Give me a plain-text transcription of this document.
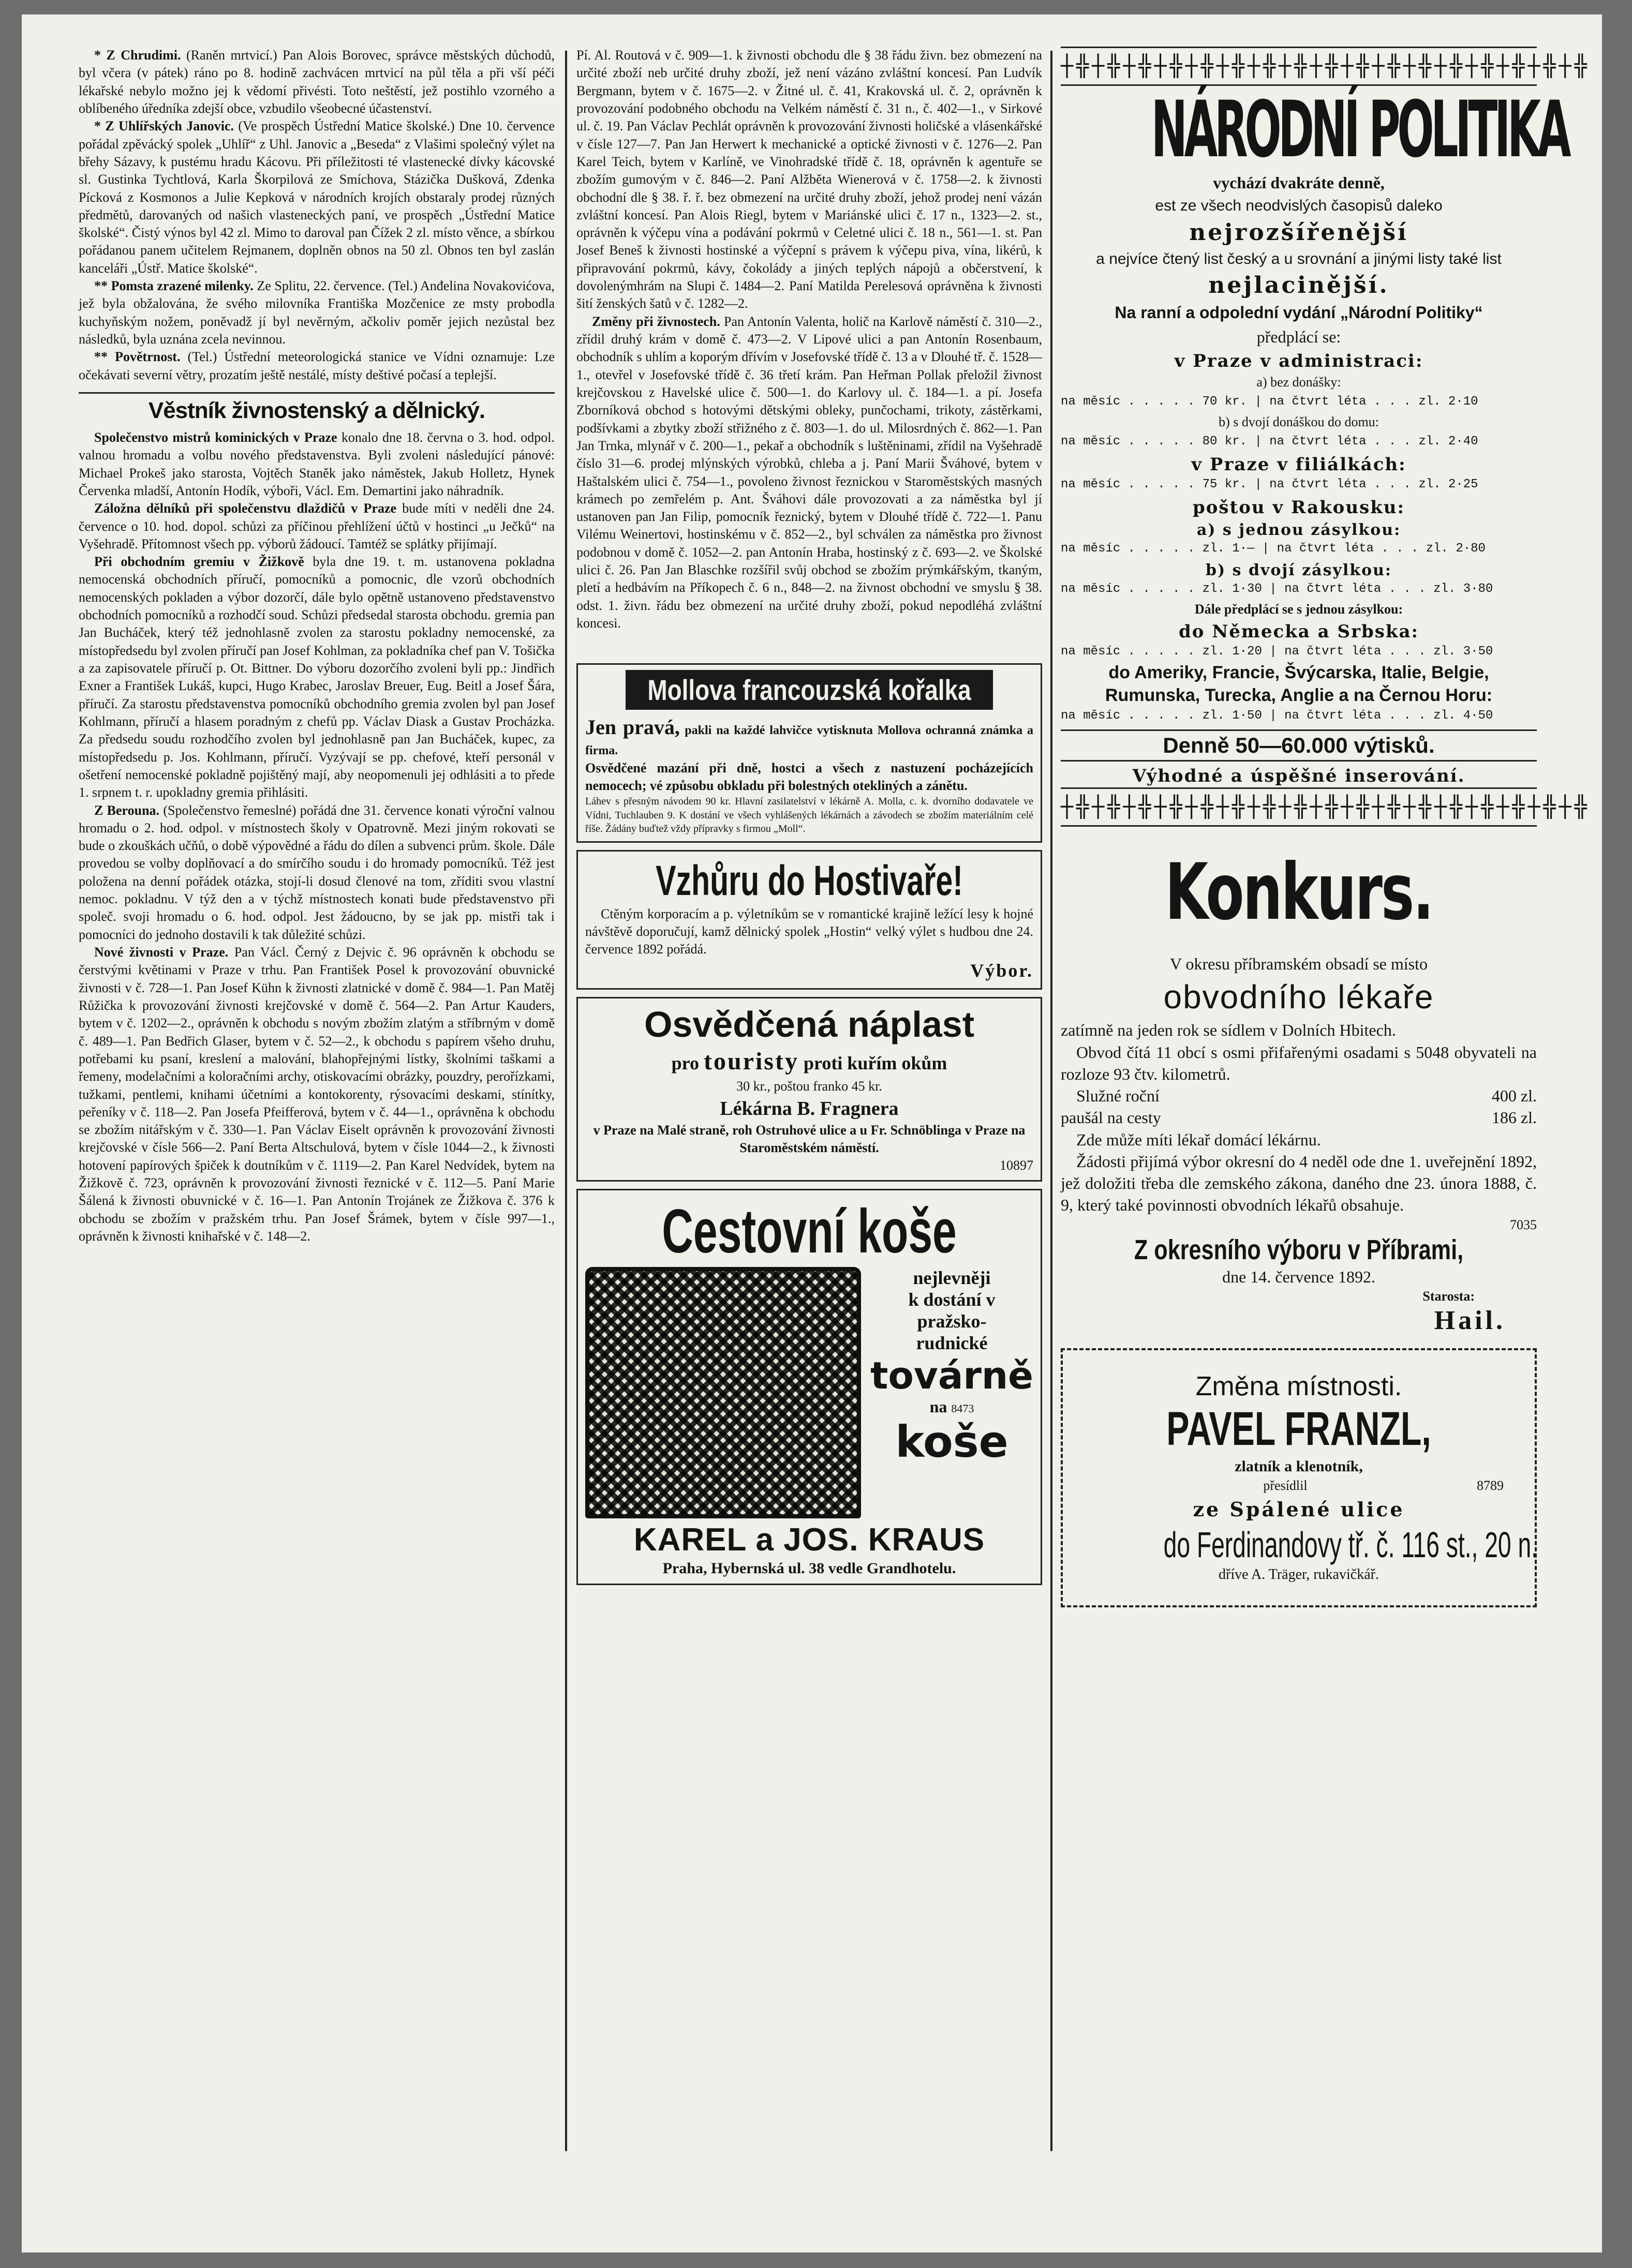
* Z Chrudimi. (Raněn mrtvicí.) Pan Alois Borovec, správce městských důchodů, byl včera (v pátek) ráno po 8. hodině zachvácen mrtvicí na půl těla a při vší péči lékařské nebylo možno jej k vědomí přivésti. Toto neštěstí, jež postihlo vzorného a oblíbeného úředníka zdejší obce, vzbudilo všeobecné účastenství.

* Z Uhlířských Janovic. (Ve prospěch Ústřední Matice školské.) Dne 10. července pořádal zpěvácký spolek „Uhlíř“ z Uhl. Janovic a „Beseda“ z Vlašimi společný výlet na břehy Sázavy, k pustému hradu Kácovu. Při příležitosti té vlastenecké dívky kácovské sl. Gustinka Tychtlová, Karla Škorpilová ze Smíchova, Stázička Dušková, Zdenka Pícková z Kosmonos a Julie Kepková v národních krojích obstaraly prodej různých předmětů, darovaných od našich vlasteneckých paní, ve prospěch „Ústřední Matice školské“. Čistý výnos byl 42 zl. Mimo to daroval pan Čížek 2 zl. místo věnce, a sbírkou pořádanou panem učitelem Rejmanem, doplněn obnos na 50 zl. Obnos ten byl zaslán kanceláři „Ústř. Matice školské“.

** Pomsta zrazené milenky. Ze Splitu, 22. července. (Tel.) Anđelina Novakovićova, jež byla obžalována, že svého milovníka Františka Mozčenice ze msty probodla kuchyňským nožem, poněvadž jí byl nevěrným, ačkoliv poměr jejich nezůstal bez následků, byla uznána zcela nevinnou.

** Povětrnost. (Tel.) Ústřední meteorologická stanice ve Vídni oznamuje: Lze očekávati severní větry, prozatím ještě nestálé, místy deštivé počasí a teplejší.

Věstník živnostenský a dělnický.

Společenstvo mistrů kominických v Praze konalo dne 18. června o 3. hod. odpol. valnou hromadu a volbu nového představenstva. Byli zvoleni následující pánové: Michael Prokeš jako starosta, Vojtěch Staněk jako náměstek, Jakub Holletz, Hynek Červenka mladší, Antonín Hodík, výboři, Václ. Em. Demartini jako náhradník.

Záložna dělníků při společenstvu dlaždičů v Praze bude míti v neděli dne 24. července o 10. hod. dopol. schůzi za příčinou přehlížení účtů v hostinci „u Ječků“ na Vyšehradě. Přítomnost všech pp. výborů žádoucí. Tamtéž se splátky přijímají.

Při obchodním gremiu v Žižkově byla dne 19. t. m. ustanovena pokladna nemocenská obchodních příručí, pomocníků a pomocnic, dle vzorů obchodních nemocenských pokladen a výbor dozorčí, dále bylo opětně ustanoveno představenstvo obchodních pomocníků a rozhodčí soud. Schůzi předsedal starosta obchodu. gremia pan Jan Bucháček, který též jednohlasně zvolen za starostu pokladny nemocenské, za místopředsedu byl zvolen příručí pan Josef Kohlman, za pokladníka chef pan V. Tošička a za zapisovatele příručí p. Ot. Bittner. Do výboru dozorčího zvoleni byli pp.: Jindřich Exner a František Lukáš, kupci, Hugo Krabec, Jaroslav Breuer, Eug. Beitl a Josef Šára, příručí. Za starostu představenstva pomocníků obchodního gremia zvolen byl pan Josef Kohlmann, příručí a hlasem poradným z chefů pp. Václav Diask a Gustav Procházka. Za předsedu soudu rozhodčího zvolen byl jednohlasně pan Jan Bucháček, kupec, za místopředsedu p. Jos. Kohlmann, příručí. Vyzývají se pp. chefové, kteří personál v ošetření nemocenské pokladně pojištěný mají, aby neopomenuli jej odhlásiti a to přede 1. srpnem t. r. upokladny gremia přihlásiti.

Z Berouna. (Společenstvo řemeslné) pořádá dne 31. července konati výroční valnou hromadu o 2. hod. odpol. v místnostech školy v Opatrovně. Mezi jiným rokovati se bude o zkouškách učňů, o době výpovědné a řádu do dílen a subvenci prům. škole. Dále provedou se volby doplňovací a do smírčího soudu i do hromady pomocníků. Též jest položena na denní pořádek otázka, stojí-li dosud členové na tom, zříditi svou vlastní nemoc. pokladnu. V týž den a v týchž místnostech konati bude představenstvo při společ. svoji hromadu o 6. hod. odpol. Jest žádoucno, by se jak pp. mistři tak i pomocníci do jednoho dostavili k tak důležité schůzi.

Nové živnosti v Praze. Pan Václ. Černý z Dejvic č. 96 oprávněn k obchodu se čerstvými květinami v Praze v trhu. Pan František Posel k provozování obuvnické živnosti v č. 728—1. Pan Josef Kühn k živnosti zlatnické v domě č. 984—1. Pan Matěj Růžička k provozování živnosti krejčovské v domě č. 564—2. Pan Artur Kauders, bytem v č. 1202—2., oprávněn k obchodu s novým zbožím zlatým a stříbrným v domě č. 489—1. Pan Bedřich Glaser, bytem v č. 52—2., k obchodu s papírem všeho druhu, potřebami ku psaní, kreslení a malování, blahopřejnými lístky, školními taškami a řemeny, modelačními a koloračními archy, otiskovacími obrázky, pouzdry, perořízkami, tužkami, pentlemi, knihami účetními a kontokorenty, rýsovacími deskami, stínítky, peřeníky v č. 118—2. Pan Josefa Pfeifferová, bytem v č. 44—1., oprávněna k obchodu se zbožím nitářským v č. 330—1. Pan Václav Eiselt oprávněn k provozování živnosti krejčovské v čísle 566—2. Paní Berta Altschulová, bytem v čísle 1044—2., k živnosti hotovení papírových špiček k doutníkům v č. 1119—2. Pan Karel Nedvídek, bytem na Žižkově č. 723, oprávněn k provozování živnosti řeznické v č. 112—5. Paní Marie Šálená k živnosti obuvnické v č. 16—1. Pan Antonín Trojánek ze Žižkova č. 376 k obchodu se zbožím v pražském trhu. Pan Josef Šrámek, bytem v čísle 997—1., oprávněn k živnosti knihařské v č. 148—2.

Pí. Al. Routová v č. 909—1. k živnosti obchodu dle § 38 řádu živn. bez obmezení na určité zboží neb určité druhy zboží, jež není vázáno zvláštní koncesí. Pan Ludvík Bergmann, bytem v č. 1675—2. v Žitné ul. č. 41, Krakovská ul. č. 2, oprávněn k provozování podobného obchodu na Velkém náměstí č. 31 n., č. 402—1., v Sirkové ul. č. 19. Pan Václav Pechlát oprávněn k provozování živnosti holičské a vlásenkářské v čísle 127—7. Pan Jan Herwert k mechanické a optické živnosti v č. 1276—2. Pan Karel Teich, bytem v Karlíně, ve Vinohradské třídě č. 18, oprávněn k agentuře se zbožím gumovým v č. 846—2. Paní Alžběta Wienerová v č. 1758—2. k živnosti obchodní dle § 38. ř. ř. bez obmezení na určité druhy zboží, jehož prodej není vázán zvláštní koncesí. Pan Alois Riegl, bytem v Mariánské ulici č. 17 n., 1323—2. st., oprávněn k výčepu vína a podávání pokrmů v Celetné ulici č. 18 n., 561—1. st. Pan Josef Beneš k živnosti hostinské a výčepní s právem k výčepu piva, vína, likérů, k připravování pokrmů, kávy, čokolády a jiných teplých nápojů a občerstvení, k dovolenýmhrám na Slupi č. 1484—2. Paní Matilda Perelesová oprávněna k živnosti šití ženských šatů v č. 1282—2.

Změny při živnostech. Pan Antonín Valenta, holič na Karlově náměstí č. 310—2., zřídil druhý krám v domě č. 473—2. V Lipové ulici a pan Antonín Rosenbaum, obchodník s uhlím a koporým dřívím v Josefovské třídě č. 13 a v Dlouhé tř. č. 1528—1., otevřel v Josefovské třídě č. 36 třetí krám. Pan Heřman Pollak přeložil živnost krejčovskou z Havelské ulice č. 500—1. do Karlovy ul. č. 184—1. a pí. Josefa Zborníková obchod s hotovými dětskými obleky, punčochami, trikoty, zástěrkami, podšívkami a zbytky zboží střižného z č. 803—1. do ul. Milosrdných č. 862—1. Pan Jan Trnka, mlynář v č. 200—1., pekař a obchodník s luštěninami, zřídil na Vyšehradě číslo 31—6. prodej mlýnských výrobků, chleba a j. Paní Marii Šváhové, bytem v Haštalském ulici č. 754—1., povoleno živnost řeznickou v Staroměstských masných krámech po zemřelém p. Ant. Šváhovi dále provozovati a za náměstka byl jí ustanoven pan Jan Filip, pomocník řeznický, bytem v Dlouhé třídě č. 722—1. Panu Vilému Weinertovi, hostinskému v č. 852—2., byl schválen za náměstka pro živnost podobnou v domě č. 1052—2. pan Antonín Hraba, hostinský z č. 693—2. ve Školské ulici č. 26. Pan Jan Blaschke rozšířil svůj obchod se zbožím prýmkářským, tkaným, pletí a hedbávím na Příkopech č. 6 n., 848—2. na živnost obchodní ve smyslu § 38. odst. 1. živn. řádu bez obmezení na určité druhy zboží, pokud nepodléhá zvláštní koncesi.

Mollova francouzská kořalka

Jen pravá, pakli na každé lahvičce vytisknuta Mollova ochranná známka a firma.

Osvědčené mazání při dně, hostci a všech z nastuzení pocházejících nemocech; vé způsobu obkladu při bolestných otekliných a zánětu.

Láhev s přesným návodem 90 kr. Hlavní zasilatelství v lékárně A. Molla, c. k. dvorního dodavatele ve Vídni, Tuchlauben 9. K dostání ve všech vyhlášených lékárnách a závodech se zbožím materiálním celé říše. Žádány buďtež vždy přípravky s firmou „Moll“.

Vzhůru do Hostivaře!

Ctěným korporacím a p. výletníkům se v romantické krajině ležící lesy k hojné návštěvě doporučují, kamž dělnický spolek „Hostin“ velký výlet s hudbou dne 24. července 1892 pořádá.

Výbor.

Osvědčená náplast

pro touristy proti kuřím okům

30 kr., poštou franko 45 kr.

Lékárna B. Fragnera

v Praze na Malé straně, roh Ostruhové ulice a u Fr. Schnöblinga v Praze na Staroměstském náměstí.

10897

Cestovní koše
nejlevněji
k dostání v
pražsko-
rudnické
továrně
na 8473
koše
KAREL a JOS. KRAUS

Praha, Hybernská ul. 38 vedle Grandhotelu.

┼╬┼╬┼╬┼╬┼╬┼╬┼╬┼╬┼╬┼╬┼╬┼╬┼╬┼╬┼╬┼╬┼╬
NÁRODNÍ POLITIKA

vychází dvakráte denně,

est ze všech neodvislých časopisů daleko

nejrozšířenější

a nejvíce čtený list český a u srovnání a jinými listy také list

nejlacinější.

Na ranní a odpolední vydání „Národní Politiky“

předplácí se:

v Praze v administraci:

a) bez donášky:

na měsíc . . . . . 70 kr. | na čtvrt léta . . . zl. 2·10

b) s dvojí donáškou do domu:

na měsíc . . . . . 80 kr. | na čtvrt léta . . . zl. 2·40

v Praze v filiálkách:

na měsíc . . . . . 75 kr. | na čtvrt léta . . . zl. 2·25

poštou v Rakousku:
a) s jednou zásylkou:

na měsíc . . . . . zl. 1·— | na čtvrt léta . . . zl. 2·80

b) s dvojí zásylkou:

na měsíc . . . . . zl. 1·30 | na čtvrt léta . . . zl. 3·80

Dále předplácí se s jednou zásylkou:

do Německa a Srbska:

na měsíc . . . . . zl. 1·20 | na čtvrt léta . . . zl. 3·50

do Ameriky, Francie, Švýcarska, Italie, Belgie, Rumunska, Turecka, Anglie a na Černou Horu:

na měsíc . . . . . zl. 1·50 | na čtvrt léta . . . zl. 4·50

Denně 50—60.000 výtisků.
Výhodné a úspěšné inserování.
┼╬┼╬┼╬┼╬┼╬┼╬┼╬┼╬┼╬┼╬┼╬┼╬┼╬┼╬┼╬┼╬┼╬
Konkurs.

V okresu příbramském obsadí se místo

obvodního lékaře

zatímně na jeden rok se sídlem v Dolních Hbitech.

Obvod čítá 11 obcí s osmi přifařenými osadami s 5048 obyvateli na rozloze 93 čtv. kilometrů.

Služné roční	400 zl.

paušál na cesty	186 zl.

Zde může míti lékař domácí lékárnu.

Žádosti přijímá výbor okresní do 4 neděl ode dne 1. uveřejnění 1892, jež doložiti třeba dle zemského zákona, daného dne 23. února 1888, č. 9, který také povinnosti obvodních lékařů obsahuje.

7035

Z okresního výboru v Příbrami,

dne 14. července 1892.

Starosta:

Hail.
Změna místnosti.
PAVEL FRANZL,

zlatník a klenotník,

přesídlil	8789

ze Spálené ulice
do Ferdinandovy tř. č. 116 st., 20 n.

dříve A. Träger, rukavičkář.
